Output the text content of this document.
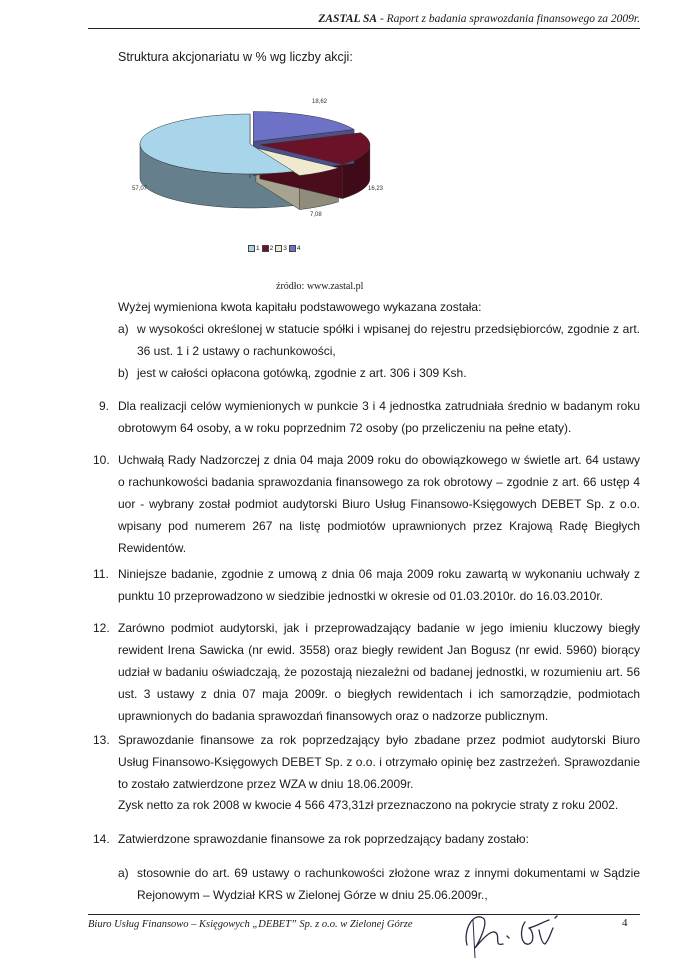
ZASTAL SA - Raport z badania sprawozdania finansowego za 2009r.
Struktura akcjonariatu w % wg liczby akcji:
57,07	16,23
7,08
18,62
1 2 3 4
źródło: www.zastal.pl
Wyżej wymieniona kwota kapitału podstawowego wykazana została:
a) w wysokości określonej w statucie spółki i wpisanej do rejestru przedsiębiorców, zgodnie z art. 36 ust. 1 i 2 ustawy o rachunkowości,
b) jest w całości opłacona gotówką, zgodnie z art. 306 i 309 Ksh.
9. Dla realizacji celów wymienionych w punkcie 3 i 4 jednostka zatrudniała średnio w badanym roku obrotowym 64 osoby, a w roku poprzednim 72 osoby (po przeliczeniu na pełne etaty).
10. Uchwałą Rady Nadzorczej z dnia 04 maja 2009 roku do obowiązkowego w świetle art. 64 ustawy o rachunkowości badania sprawozdania finansowego za rok obrotowy – zgodnie z art. 66 ustęp 4 uor - wybrany został podmiot audytorski Biuro Usług Finansowo-Księgowych DEBET Sp. z o.o. wpisany pod numerem 267 na listę podmiotów uprawnionych przez Krajową Radę Biegłych Rewidentów.
11. Niniejsze badanie, zgodnie z umową z dnia 06 maja 2009 roku zawartą w wykonaniu uchwały z punktu 10 przeprowadzono w siedzibie jednostki w okresie od 01.03.2010r. do 16.03.2010r.
12. Zarówno podmiot audytorski, jak i przeprowadzający badanie w jego imieniu kluczowy biegły rewident Irena Sawicka (nr ewid. 3558) oraz biegły rewident Jan Bogusz (nr ewid. 5960) biorący udział w badaniu oświadczają, że pozostają niezależni od badanej jednostki, w rozumieniu art. 56 ust. 3 ustawy z dnia 07 maja 2009r. o biegłych rewidentach i ich samorządzie, podmiotach uprawnionych do badania sprawozdań finansowych oraz o nadzorze publicznym.
13. Sprawozdanie finansowe za rok poprzedzający było zbadane przez podmiot audytorski Biuro Usług Finansowo-Księgowych DEBET Sp. z o.o. i otrzymało opinię bez zastrzeżeń. Sprawozdanie to zostało zatwierdzone przez WZA w dniu 18.06.2009r.
Zysk netto za rok 2008 w kwocie 4 566 473,31zł przeznaczono na pokrycie straty z roku 2002.
14. Zatwierdzone sprawozdanie finansowe za rok poprzedzający badany zostało:
a) stosownie do art. 69 ustawy o rachunkowości złożone wraz z innymi dokumentami w Sądzie Rejonowym – Wydział KRS w Zielonej Górze w dniu 25.06.2009r.,
Biuro Usług Finansowo – Księgowych „DEBET” Sp. z o.o. w Zielonej Górze	4
